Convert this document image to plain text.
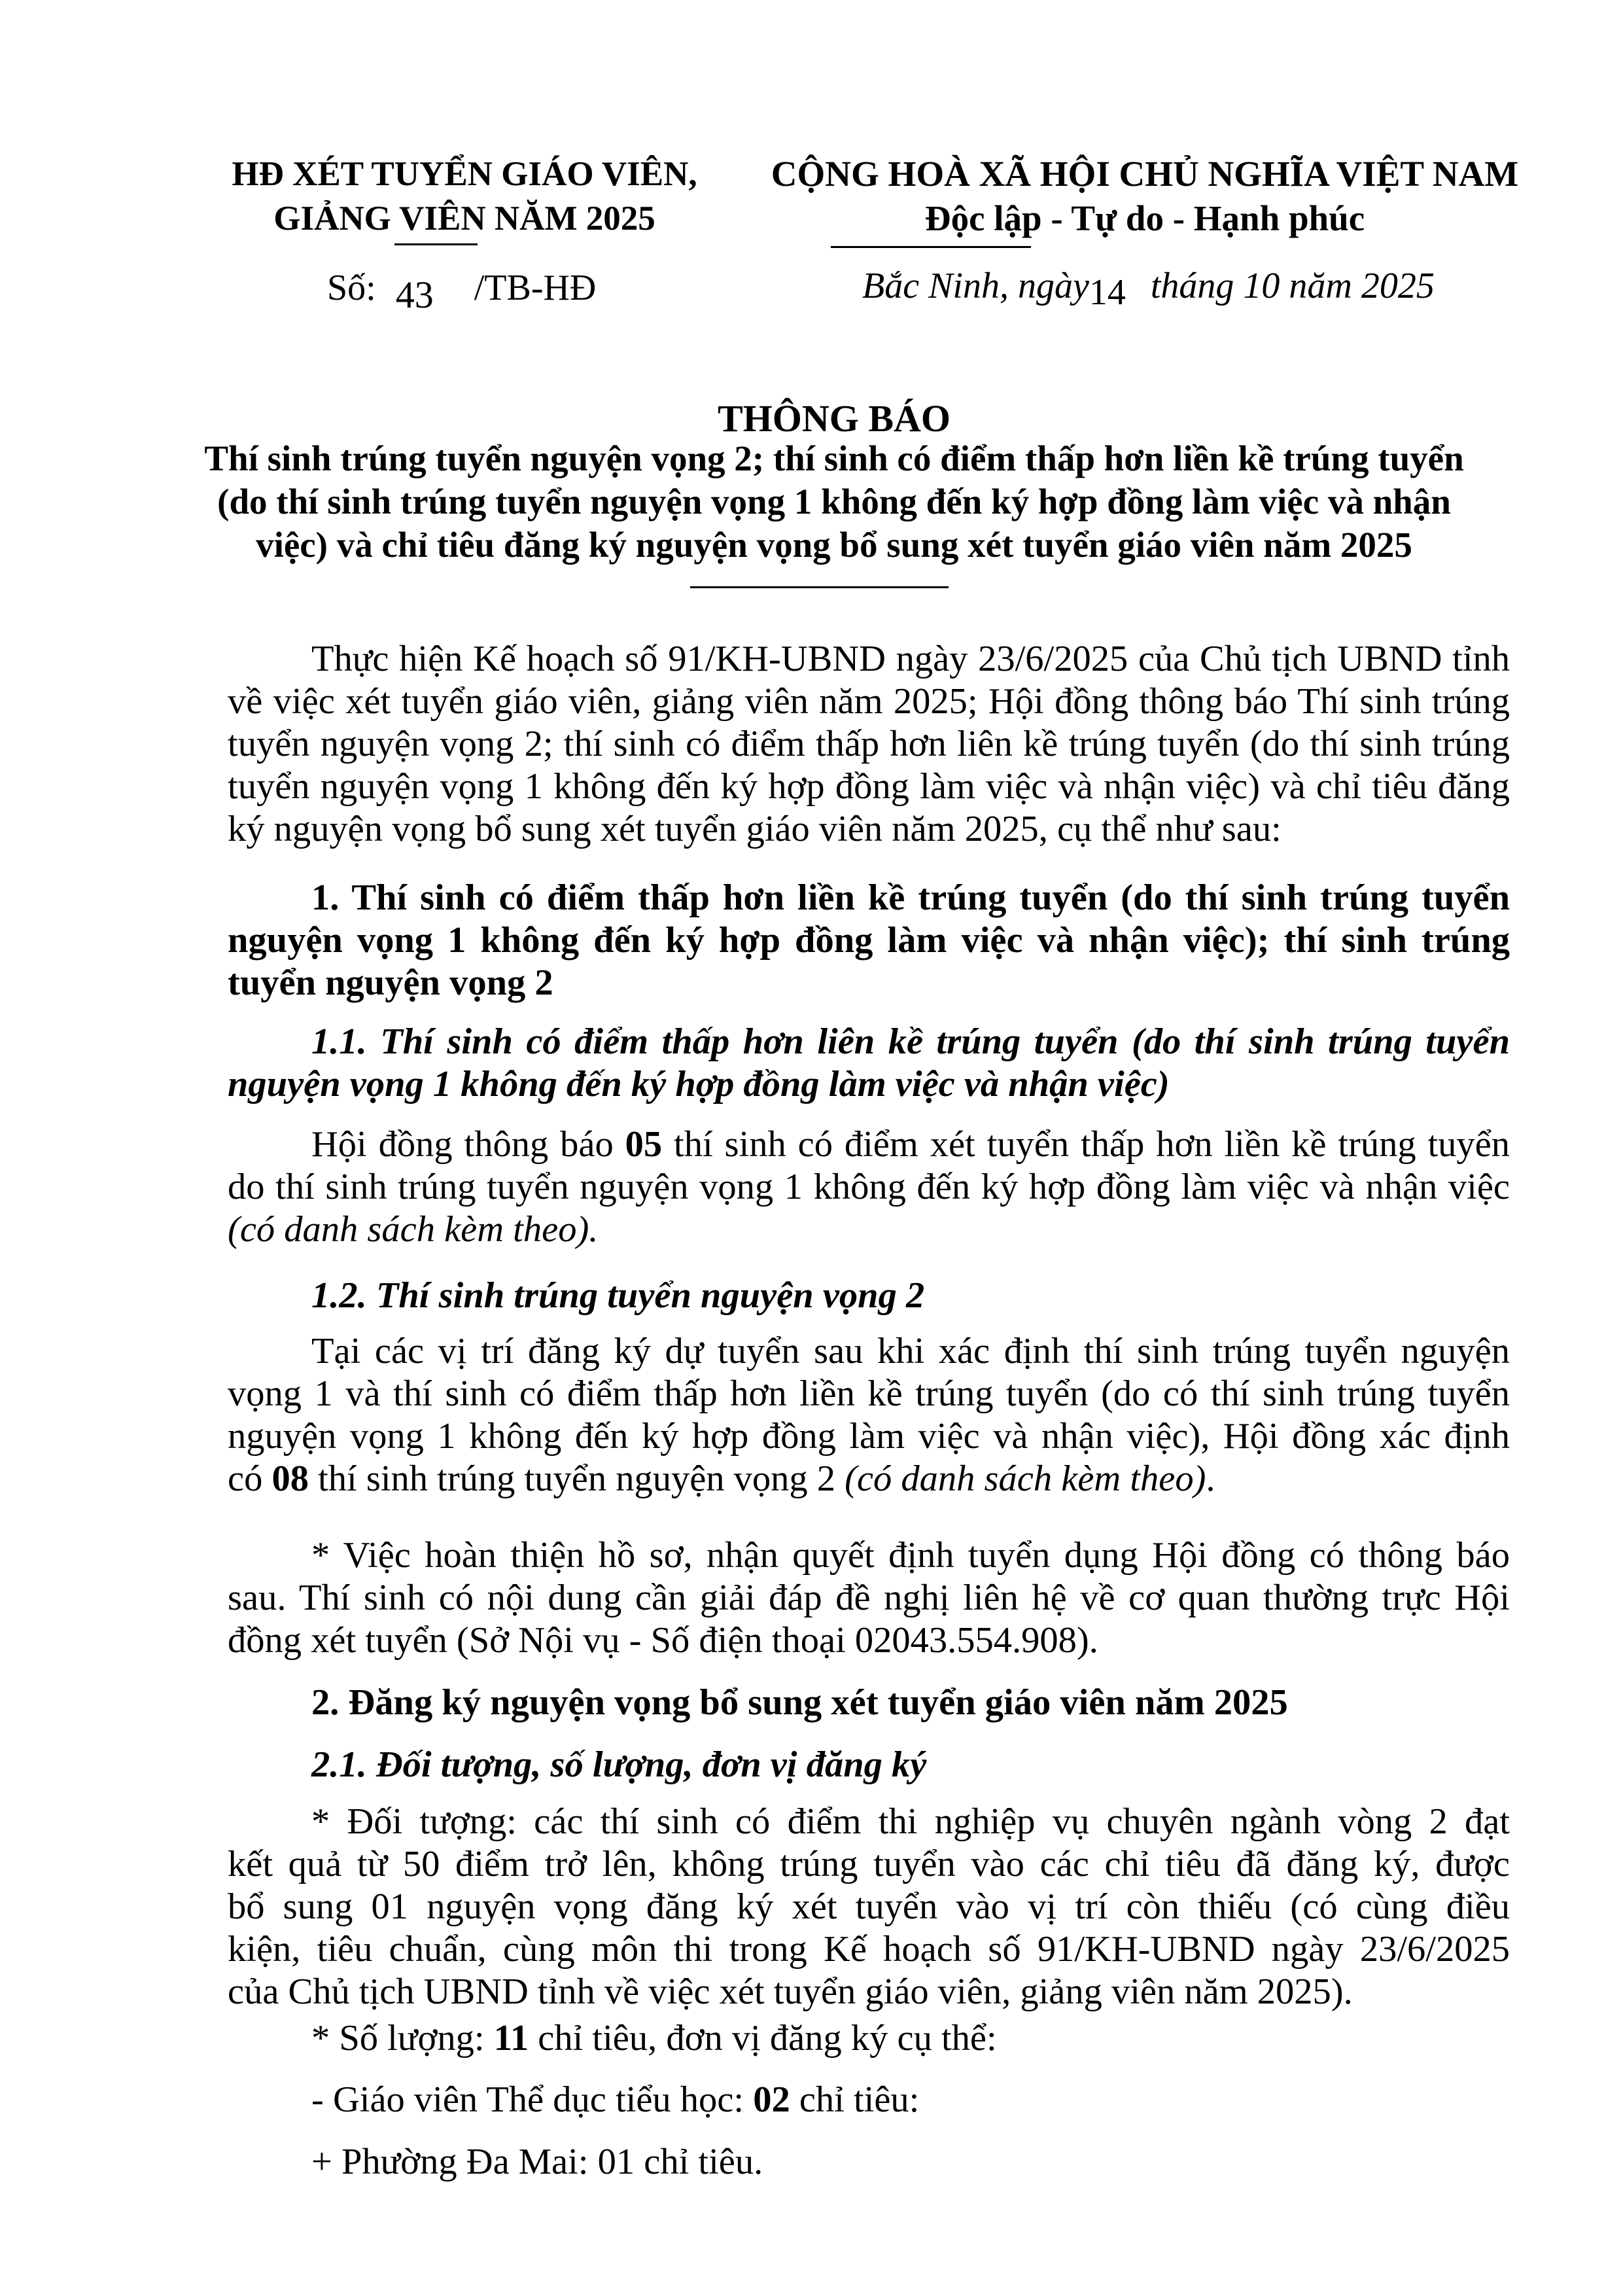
HĐ XÉT TUYỂN GIÁO VIÊN,
GIẢNG VIÊN NĂM 2025
CỘNG HOÀ XÃ HỘI CHỦ NGHĨA VIỆT NAM
Độc lập - Tự do - Hạnh phúc
Số: 43 /TB-HĐ	Bắc Ninh, ngày14 tháng 10 năm 2025
THÔNG BÁO
Thí sinh trúng tuyển nguyện vọng 2; thí sinh có điểm thấp hơn liền kề trúng tuyển
(do thí sinh trúng tuyển nguyện vọng 1 không đến ký hợp đồng làm việc và nhận
việc) và chỉ tiêu đăng ký nguyện vọng bổ sung xét tuyển giáo viên năm 2025
Thực hiện Kế hoạch số 91/KH-UBND ngày 23/6/2025 của Chủ tịch UBND tỉnh
về việc xét tuyển giáo viên, giảng viên năm 2025; Hội đồng thông báo Thí sinh trúng
tuyển nguyện vọng 2; thí sinh có điểm thấp hơn liên kề trúng tuyển (do thí sinh trúng
tuyển nguyện vọng 1 không đến ký hợp đồng làm việc và nhận việc) và chỉ tiêu đăng
ký nguyện vọng bổ sung xét tuyển giáo viên năm 2025, cụ thể như sau:
1. Thí sinh có điểm thấp hơn liền kề trúng tuyển (do thí sinh trúng tuyển
nguyện vọng 1 không đến ký hợp đồng làm việc và nhận việc); thí sinh trúng
tuyển nguyện vọng 2
1.1. Thí sinh có điểm thấp hơn liên kề trúng tuyển (do thí sinh trúng tuyển
nguyện vọng 1 không đến ký hợp đồng làm việc và nhận việc)
Hội đồng thông báo 05 thí sinh có điểm xét tuyển thấp hơn liền kề trúng tuyển
do thí sinh trúng tuyển nguyện vọng 1 không đến ký hợp đồng làm việc và nhận việc
(có danh sách kèm theo).
1.2. Thí sinh trúng tuyển nguyện vọng 2
Tại các vị trí đăng ký dự tuyển sau khi xác định thí sinh trúng tuyển nguyện
vọng 1 và thí sinh có điểm thấp hơn liền kề trúng tuyển (do có thí sinh trúng tuyển
nguyện vọng 1 không đến ký hợp đồng làm việc và nhận việc), Hội đồng xác định
có 08 thí sinh trúng tuyển nguyện vọng 2 (có danh sách kèm theo).
* Việc hoàn thiện hồ sơ, nhận quyết định tuyển dụng Hội đồng có thông báo
sau. Thí sinh có nội dung cần giải đáp đề nghị liên hệ về cơ quan thường trực Hội
đồng xét tuyển (Sở Nội vụ - Số điện thoại 02043.554.908).
2. Đăng ký nguyện vọng bổ sung xét tuyển giáo viên năm 2025
2.1. Đối tượng, số lượng, đơn vị đăng ký
* Đối tượng: các thí sinh có điểm thi nghiệp vụ chuyên ngành vòng 2 đạt
kết quả từ 50 điểm trở lên, không trúng tuyển vào các chỉ tiêu đã đăng ký, được
bổ sung 01 nguyện vọng đăng ký xét tuyển vào vị trí còn thiếu (có cùng điều
kiện, tiêu chuẩn, cùng môn thi trong Kế hoạch số 91/KH-UBND ngày 23/6/2025
của Chủ tịch UBND tỉnh về việc xét tuyển giáo viên, giảng viên năm 2025).
* Số lượng: 11 chỉ tiêu, đơn vị đăng ký cụ thể:
- Giáo viên Thể dục tiểu học: 02 chỉ tiêu:
+ Phường Đa Mai: 01 chỉ tiêu.
